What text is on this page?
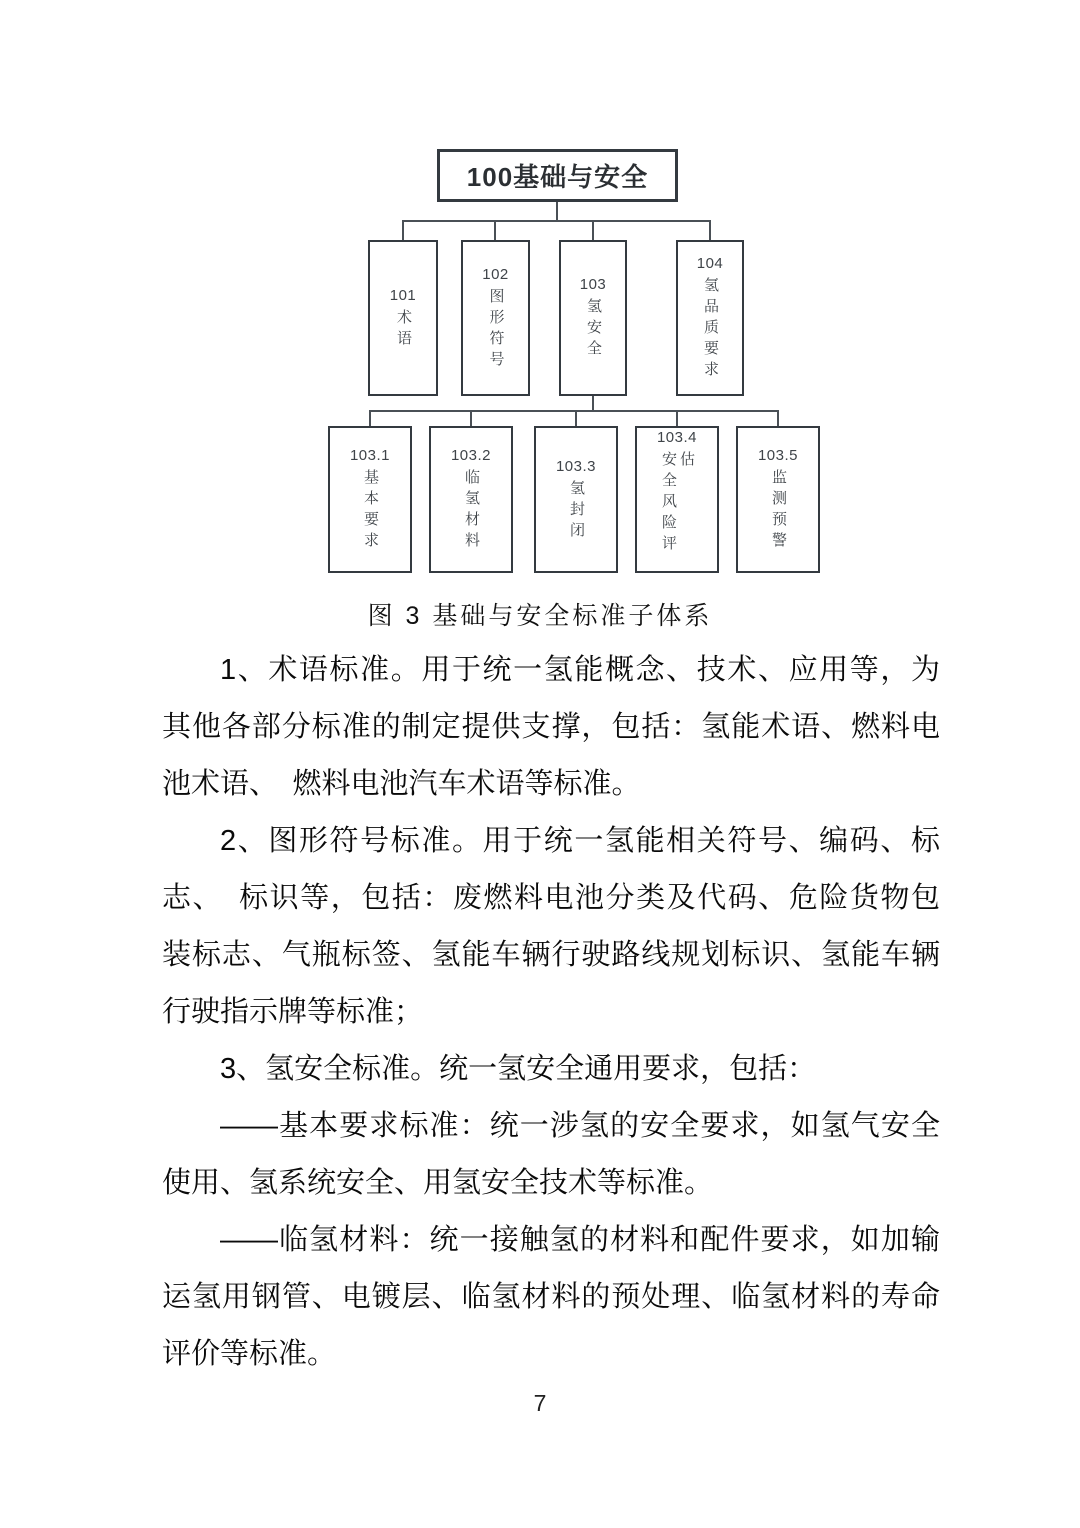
100基础与安全
101
术语
102
图形符号
103
氢安全
104
氢品质要求
103.1
基本要求
103.2
临氢材料
103.3
氢封闭
103.4
安全风险评估	103.5
监测预警
图 3 基础与安全标准子体系
1、术语标准。用于统一氢能概念、技术、应用等，为
其他各部分标准的制定提供支撑，包括：氢能术语、燃料电
池术语、　燃料电池汽车术语等标准。
2、图形符号标准。用于统一氢能相关符号、编码、标
志、　标识等，包括：废燃料电池分类及代码、危险货物包
装标志、气瓶标签、氢能车辆行驶路线规划标识、氢能车辆
行驶指示牌等标准；
3、氢安全标准。统一氢安全通用要求，包括：
——基本要求标准：统一涉氢的安全要求，如氢气安全
使用、氢系统安全、用氢安全技术等标准。
——临氢材料：统一接触氢的材料和配件要求，如加输
运氢用钢管、电镀层、临氢材料的预处理、临氢材料的寿命
评价等标准。
7
